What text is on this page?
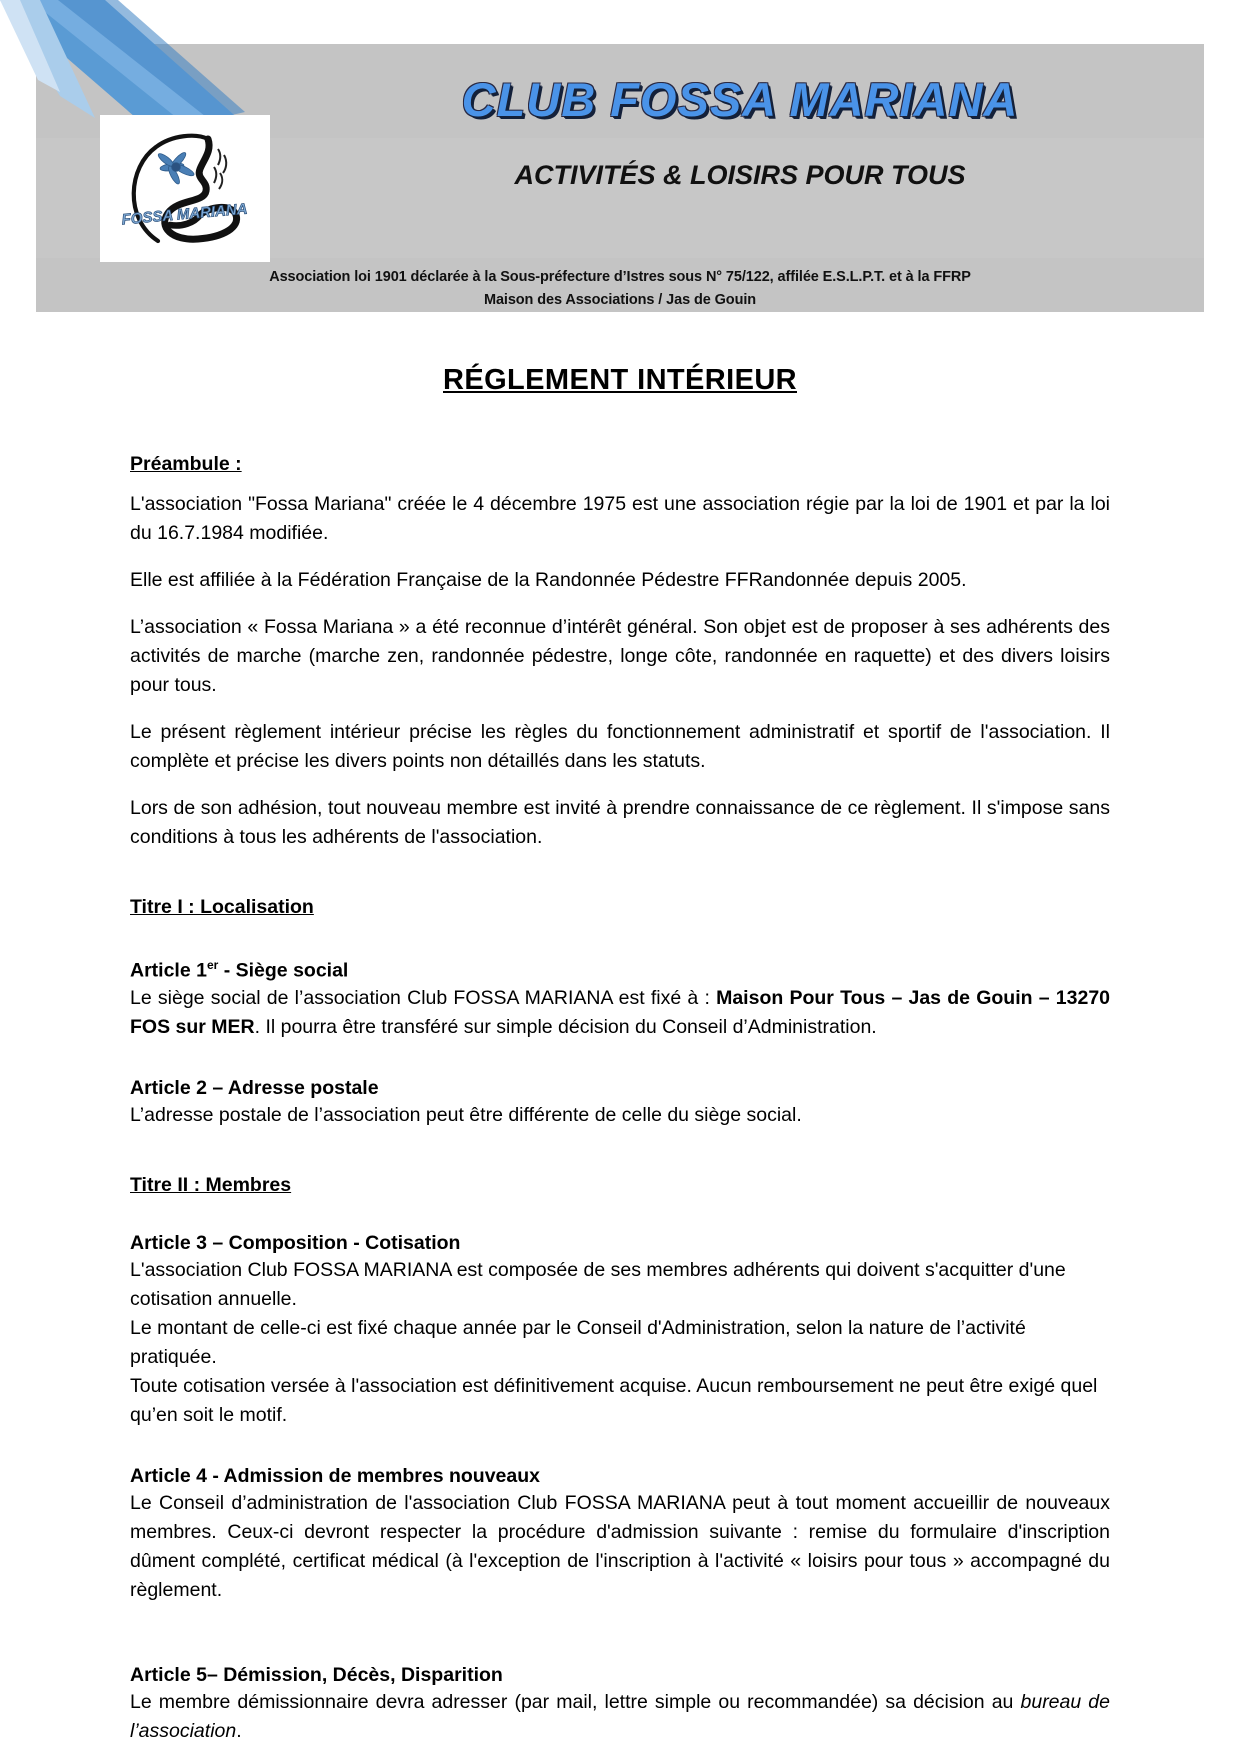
FOSSA MARIANA
CLUB FOSSA MARIANA
ACTIVITÉS & LOISIRS POUR TOUS
Association loi 1901 déclarée à la Sous-préfecture d’Istres sous N° 75/122, affilée E.S.L.P.T. et à la FFRP
Maison des Associations / Jas de Gouin
RÉGLEMENT INTÉRIEUR
Préambule :

L'association "Fossa Mariana" créée le 4 décembre 1975 est une association régie par la loi de 1901 et par la loi du 16.7.1984 modifiée.

Elle est affiliée à la Fédération Française de la Randonnée Pédestre FFRandonnée depuis 2005.

L’association « Fossa Mariana » a été reconnue d’intérêt général. Son objet est de proposer à ses adhérents des activités de marche (marche zen, randonnée pédestre, longe côte, randonnée en raquette) et des divers loisirs pour tous.

Le présent règlement intérieur précise les règles du fonctionnement administratif et sportif de l'association. Il complète et précise les divers points non détaillés dans les statuts.

Lors de son adhésion, tout nouveau membre est invité à prendre connaissance de ce règlement. Il s'impose sans conditions à tous les adhérents de l'association.

Titre I : Localisation
Article 1er - Siège social

Le siège social de l’association Club FOSSA MARIANA est fixé à : Maison Pour Tous – Jas de Gouin – 13270 FOS sur MER. Il pourra être transféré sur simple décision du Conseil d’Administration.

Article 2 – Adresse postale

L’adresse postale de l’association peut être différente de celle du siège social.

Titre II : Membres
Article 3 – Composition - Cotisation

L'association Club FOSSA MARIANA est composée de ses membres adhérents qui doivent s'acquitter d'une cotisation annuelle.

Le montant de celle-ci est fixé chaque année par le Conseil d'Administration, selon la nature de l’activité pratiquée.

Toute cotisation versée à l'association est définitivement acquise. Aucun remboursement ne peut être exigé quel qu’en soit le motif.

Article 4 - Admission de membres nouveaux

Le Conseil d’administration de l'association Club FOSSA MARIANA peut à tout moment accueillir de nouveaux membres. Ceux-ci devront respecter la procédure d'admission suivante : remise du formulaire d'inscription dûment complété, certificat médical (à l'exception de l'inscription à l'activité « loisirs pour tous » accompagné du règlement.

Article 5– Démission, Décès, Disparition

Le membre démissionnaire devra adresser (par mail, lettre simple ou recommandée) sa décision au bureau de l’association.
